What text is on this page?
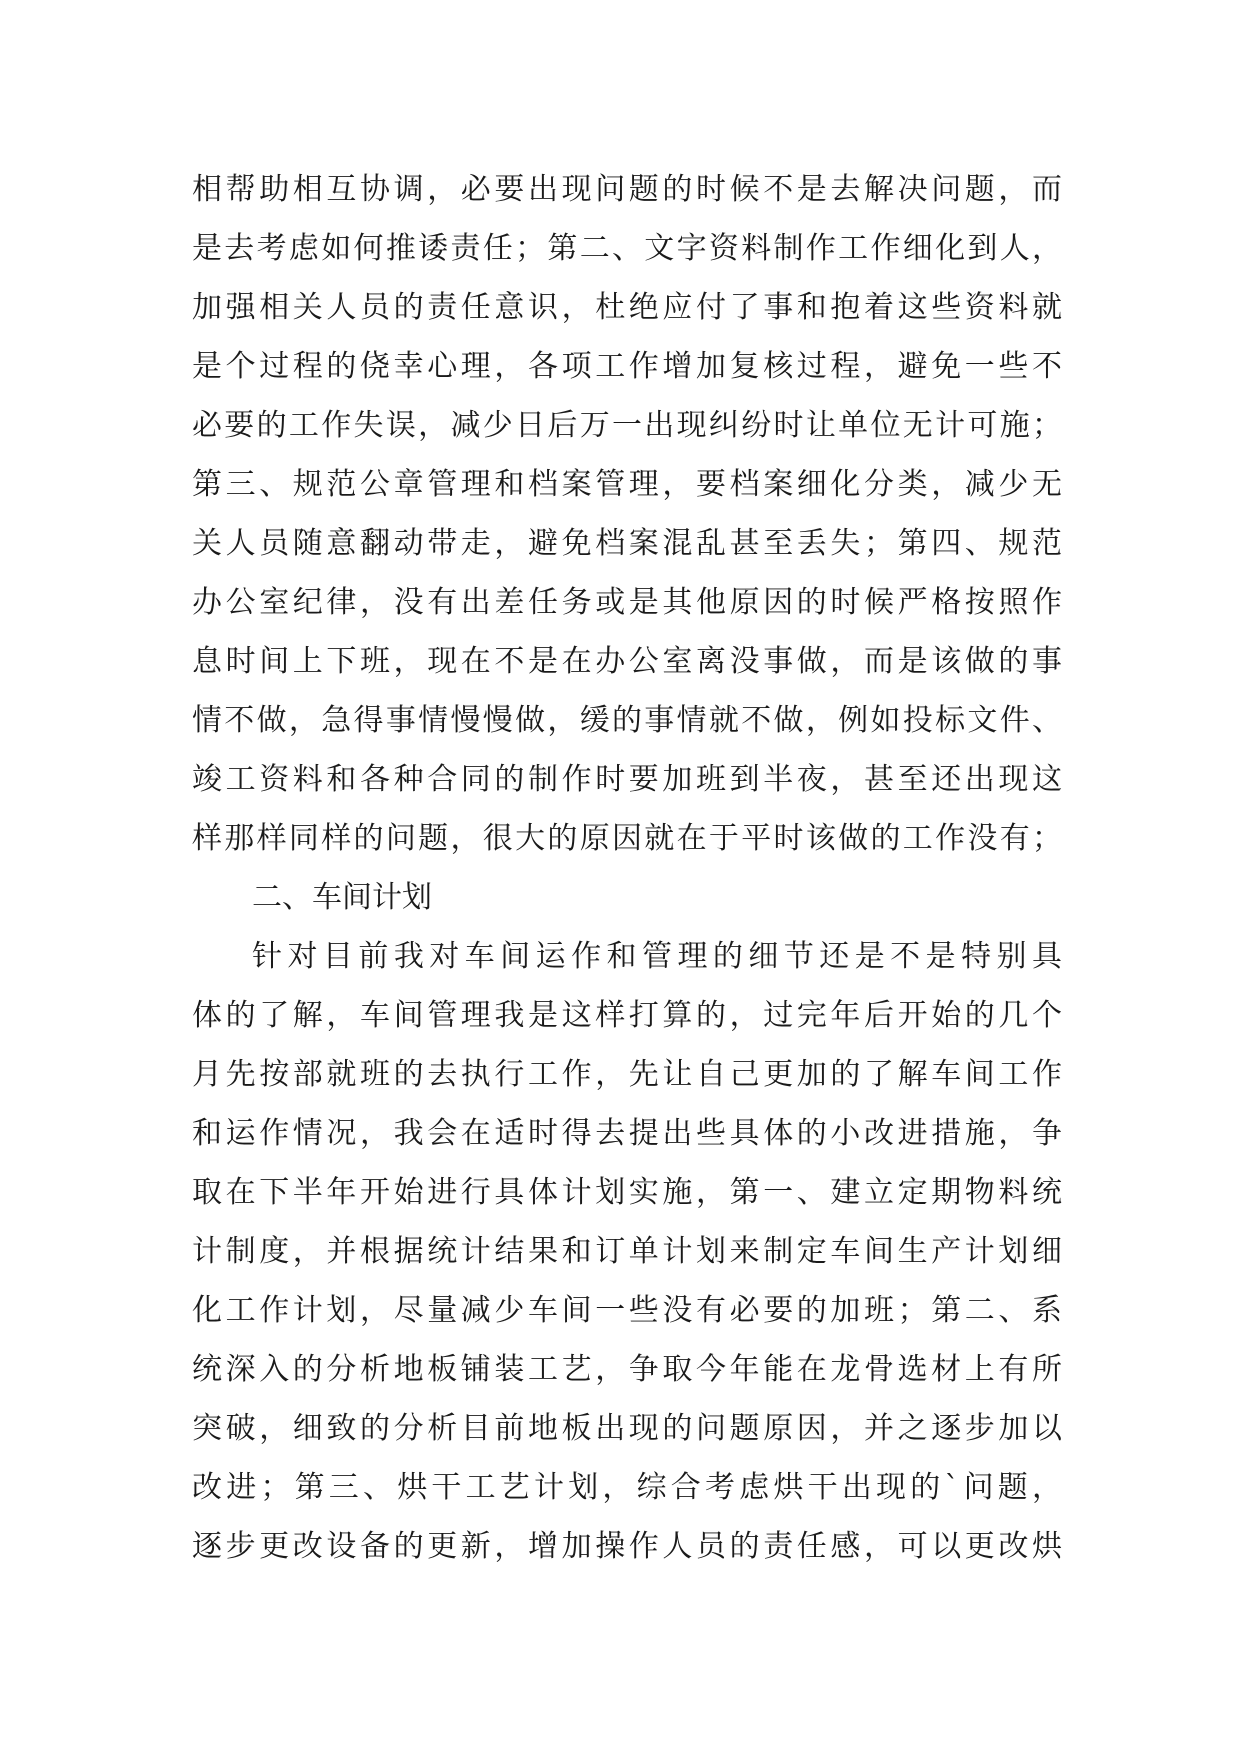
相帮助相互协调，必要出现问题的时候不是去解决问题，而
是去考虑如何推诿责任；第二、文字资料制作工作细化到人，
加强相关人员的责任意识，杜绝应付了事和抱着这些资料就
是个过程的侥幸心理，各项工作增加复核过程，避免一些不
必要的工作失误，减少日后万一出现纠纷时让单位无计可施；
第三、规范公章管理和档案管理，要档案细化分类，减少无
关人员随意翻动带走，避免档案混乱甚至丢失；第四、规范
办公室纪律，没有出差任务或是其他原因的时候严格按照作
息时间上下班，现在不是在办公室离没事做，而是该做的事
情不做，急得事情慢慢做，缓的事情就不做，例如投标文件、
竣工资料和各种合同的制作时要加班到半夜，甚至还出现这
样那样同样的问题，很大的原因就在于平时该做的工作没有；
二、车间计划
针对目前我对车间运作和管理的细节还是不是特别具
体的了解，车间管理我是这样打算的，过完年后开始的几个
月先按部就班的去执行工作，先让自己更加的了解车间工作
和运作情况，我会在适时得去提出些具体的小改进措施，争
取在下半年开始进行具体计划实施，第一、建立定期物料统
计制度，并根据统计结果和订单计划来制定车间生产计划细
化工作计划，尽量减少车间一些没有必要的加班；第二、系
统深入的分析地板铺装工艺，争取今年能在龙骨选材上有所
突破，细致的分析目前地板出现的问题原因，并之逐步加以
改进；第三、烘干工艺计划，综合考虑烘干出现的`问题，
逐步更改设备的更新，增加操作人员的责任感，可以更改烘
